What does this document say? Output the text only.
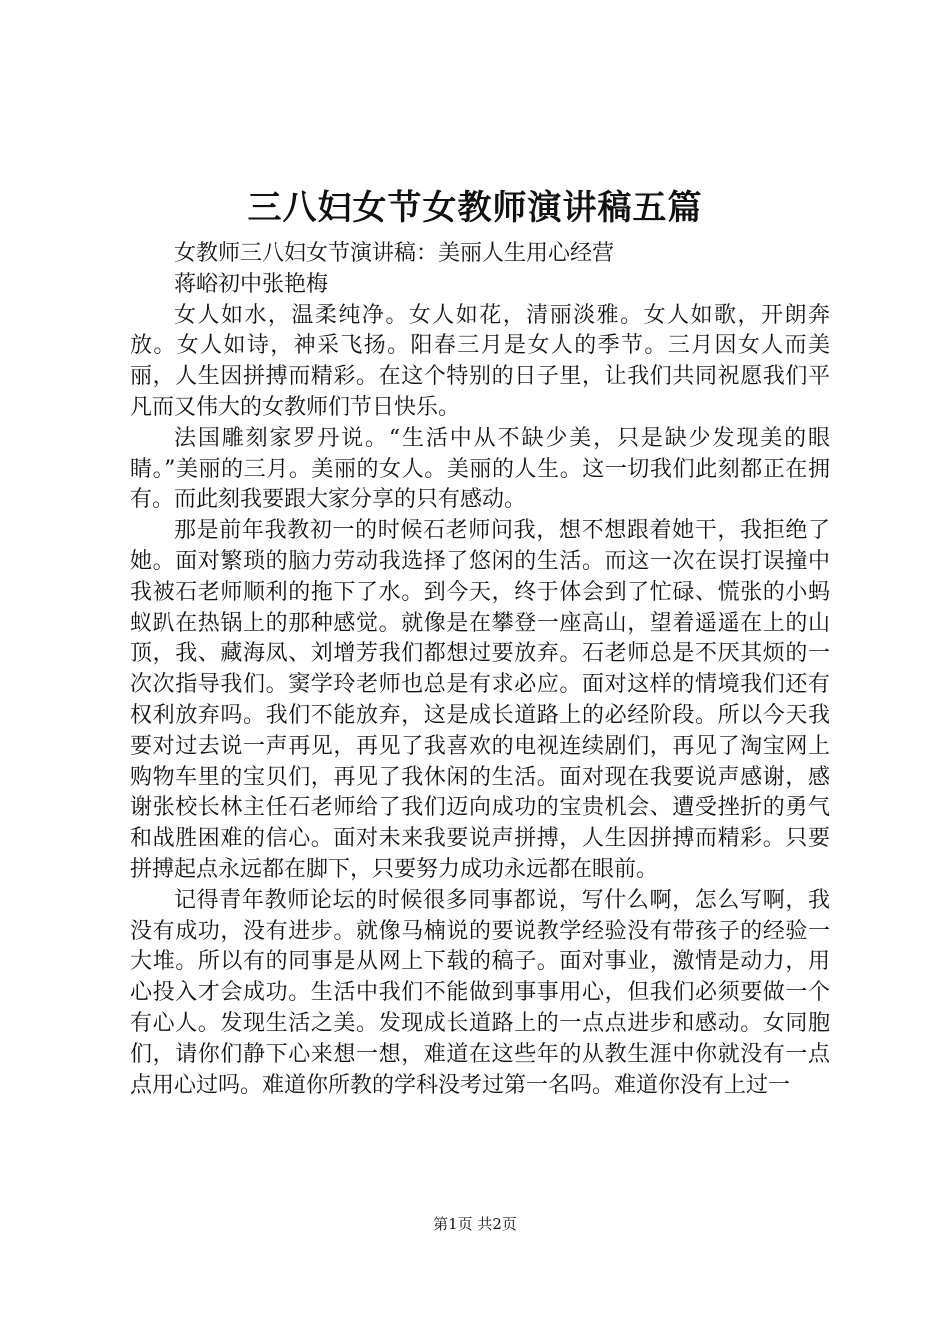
三八妇女节女教师演讲稿五篇

女教师三八妇女节演讲稿：美丽人生用心经营

蒋峪初中张艳梅

女人如水，温柔纯净。女人如花，清丽淡雅。女人如歌，开朗奔放。女人如诗，神采飞扬。阳春三月是女人的季节。三月因女人而美丽，人生因拼搏而精彩。在这个特别的日子里，让我们共同祝愿我们平凡而又伟大的女教师们节日快乐。

法国雕刻家罗丹说。“生活中从不缺少美，只是缺少发现美的眼睛。”美丽的三月。美丽的女人。美丽的人生。这一切我们此刻都正在拥有。而此刻我要跟大家分享的只有感动。

那是前年我教初一的时候石老师问我，想不想跟着她干，我拒绝了她。面对繁琐的脑力劳动我选择了悠闲的生活。而这一次在误打误撞中我被石老师顺利的拖下了水。到今天，终于体会到了忙碌、慌张的小蚂蚁趴在热锅上的那种感觉。就像是在攀登一座高山，望着遥遥在上的山顶，我、藏海凤、刘增芳我们都想过要放弃。石老师总是不厌其烦的一次次指导我们。窦学玲老师也总是有求必应。面对这样的情境我们还有权利放弃吗。我们不能放弃，这是成长道路上的必经阶段。所以今天我要对过去说一声再见，再见了我喜欢的电视连续剧们，再见了淘宝网上购物车里的宝贝们，再见了我休闲的生活。面对现在我要说声感谢，感谢张校长林主任石老师给了我们迈向成功的宝贵机会、遭受挫折的勇气和战胜困难的信心。面对未来我要说声拼搏，人生因拼搏而精彩。只要拼搏起点永远都在脚下，只要努力成功永远都在眼前。

记得青年教师论坛的时候很多同事都说，写什么啊，怎么写啊，我没有成功，没有进步。就像马楠说的要说教学经验没有带孩子的经验一大堆。所以有的同事是从网上下载的稿子。面对事业，激情是动力，用心投入才会成功。生活中我们不能做到事事用心，但我们必须要做一个有心人。发现生活之美。发现成长道路上的一点点进步和感动。女同胞们，请你们静下心来想一想，难道在这些年的从教生涯中你就没有一点点用心过吗。难道你所教的学科没考过第一名吗。难道你没有上过一

第1页 共2页
